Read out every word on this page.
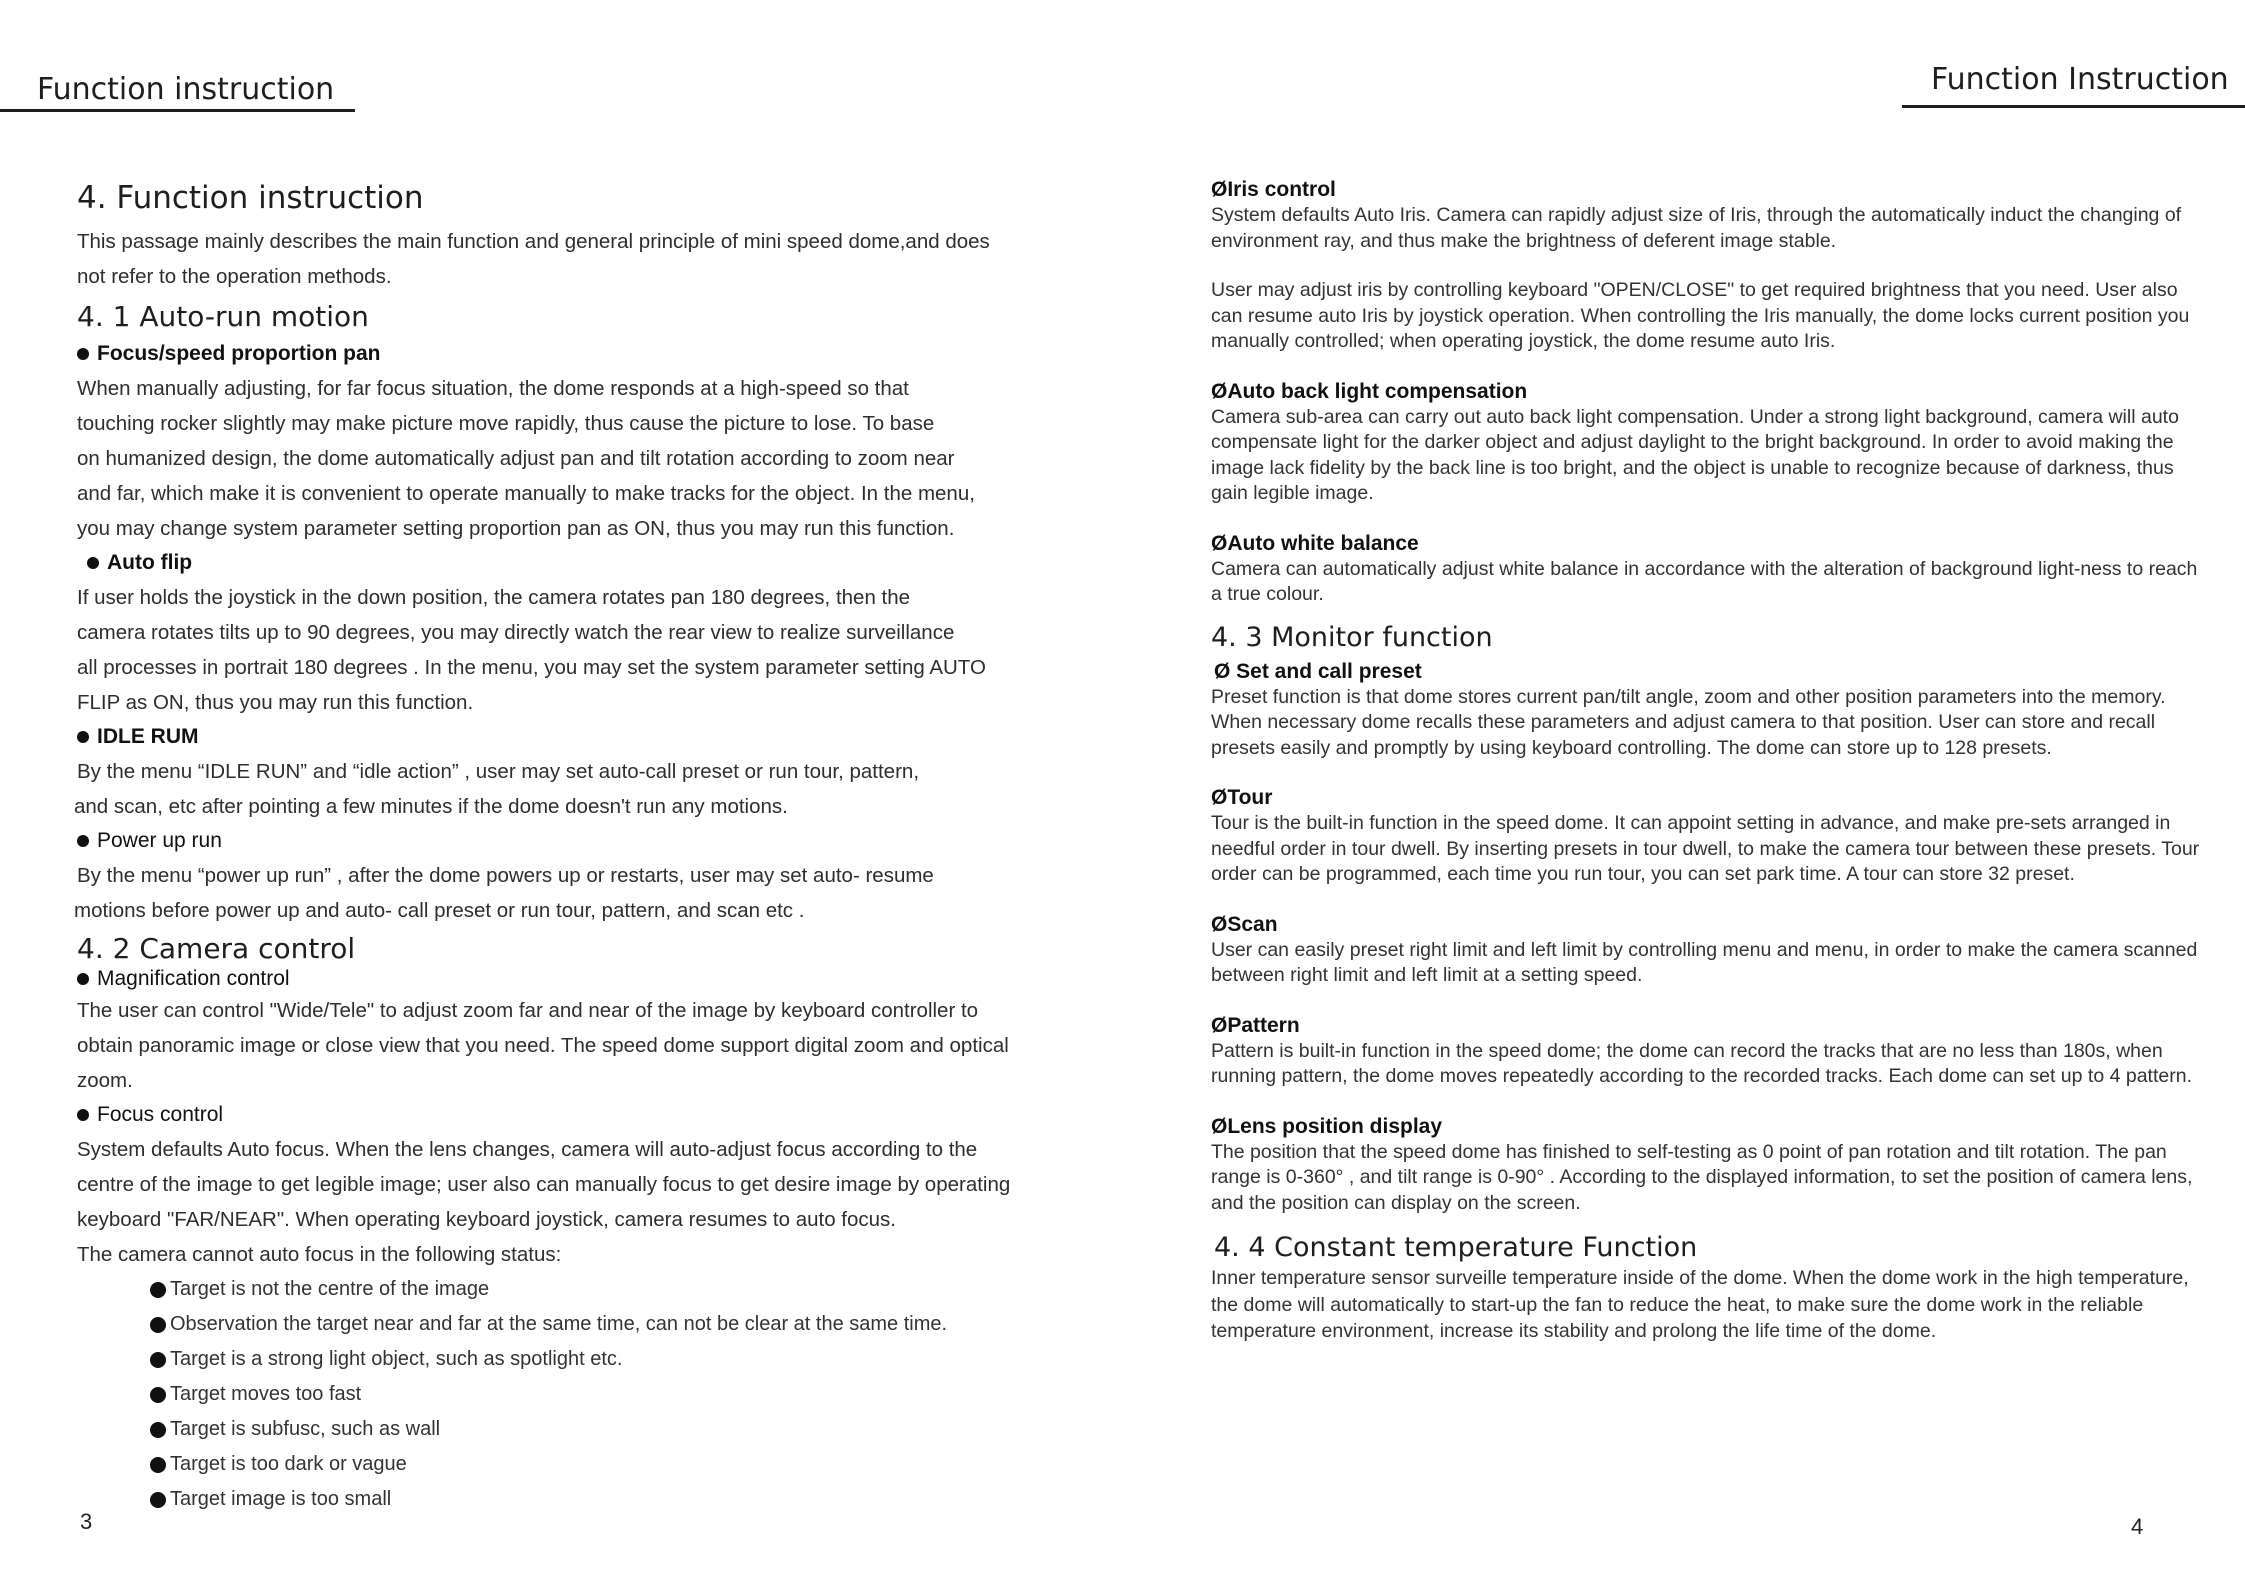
Function instruction	Function Instruction
4. Function instruction

This passage mainly describes the main function and general principle of mini speed dome,and does

not refer to the operation methods.

4. 1 Auto-run motion

Focus/speed proportion pan

When manually adjusting, for far focus situation, the dome responds at a high-speed so that

touching rocker slightly may make picture move rapidly, thus cause the picture to lose. To base

on humanized design, the dome automatically adjust pan and tilt rotation according to zoom near

and far, which make it is convenient to operate manually to make tracks for the object. In the menu,

you may change system parameter setting proportion pan as ON, thus you may run this function.

Auto flip

If user holds the joystick in the down position, the camera rotates pan 180 degrees, then the

camera rotates tilts up to 90 degrees, you may directly watch the rear view to realize surveillance

all processes in portrait 180 degrees . In the menu, you may set the system parameter setting AUTO

FLIP as ON, thus you may run this function.

IDLE RUM

By the menu “IDLE RUN” and “idle action” , user may set auto-call preset or run tour, pattern,

and scan, etc after pointing a few minutes if the dome doesn't run any motions.

Power up run

By the menu “power up run” , after the dome powers up or restarts, user may set auto- resume

motions before power up and auto- call preset or run tour, pattern, and scan etc .

4. 2 Camera control

Magnification control

The user can control "Wide/Tele" to adjust zoom far and near of the image by keyboard controller to

obtain panoramic image or close view that you need. The speed dome support digital zoom and optical

zoom.

Focus control

System defaults Auto focus. When the lens changes, camera will auto-adjust focus according to the

centre of the image to get legible image; user also can manually focus to get desire image by operating

keyboard "FAR/NEAR". When operating keyboard joystick, camera resumes to auto focus.

The camera cannot auto focus in the following status:

Target is not the centre of the image

Observation the target near and far at the same time, can not be clear at the same time.

Target is a strong light object, such as spotlight etc.

Target moves too fast

Target is subfusc, such as wall

Target is too dark or vague

Target image is too small

3

ØIris control

System defaults Auto Iris. Camera can rapidly adjust size of Iris, through the automatically induct the changing of environment ray, and thus make the brightness of deferent image stable.

User may adjust iris by controlling keyboard "OPEN/CLOSE" to get required brightness that you need. User also can resume auto Iris by joystick operation. When controlling the Iris manually, the dome locks current position you manually controlled; when operating joystick, the dome resume auto Iris.

ØAuto back light compensation

Camera sub-area can carry out auto back light compensation. Under a strong light background, camera will auto compensate light for the darker object and adjust daylight to the bright background. In order to avoid making the image lack fidelity by the back line is too bright, and the object is unable to recognize because of darkness, thus gain legible image.

ØAuto white balance

Camera can automatically adjust white balance in accordance with the alteration of background light-ness to reach a true colour.

4. 3 Monitor function

Ø Set and call preset

Preset function is that dome stores current pan/tilt angle, zoom and other position parameters into the memory. When necessary dome recalls these parameters and adjust camera to that position. User can store and recall presets easily and promptly by using keyboard controlling. The dome can store up to 128 presets.

ØTour

Tour is the built-in function in the speed dome. It can appoint setting in advance, and make pre-sets arranged in needful order in tour dwell. By inserting presets in tour dwell, to make the camera tour between these presets. Tour order can be programmed, each time you run tour, you can set park time. A tour can store 32 preset.

ØScan

User can easily preset right limit and left limit by controlling menu and menu, in order to make the camera scanned between right limit and left limit at a setting speed.

ØPattern

Pattern is built-in function in the speed dome; the dome can record the tracks that are no less than 180s, when running pattern, the dome moves repeatedly according to the recorded tracks. Each dome can set up to 4 pattern.

ØLens position display

The position that the speed dome has finished to self-testing as 0 point of pan rotation and tilt rotation. The pan range is 0-360° , and tilt range is 0-90° . According to the displayed information, to set the position of camera lens, and the position can display on the screen.

4. 4 Constant temperature Function

Inner temperature sensor surveille temperature inside of the dome. When the dome work in the high temperature, the dome will automatically to start-up the fan to reduce the heat, to make sure the dome work in the reliable temperature environment, increase its stability and prolong the life time of the dome.

4
